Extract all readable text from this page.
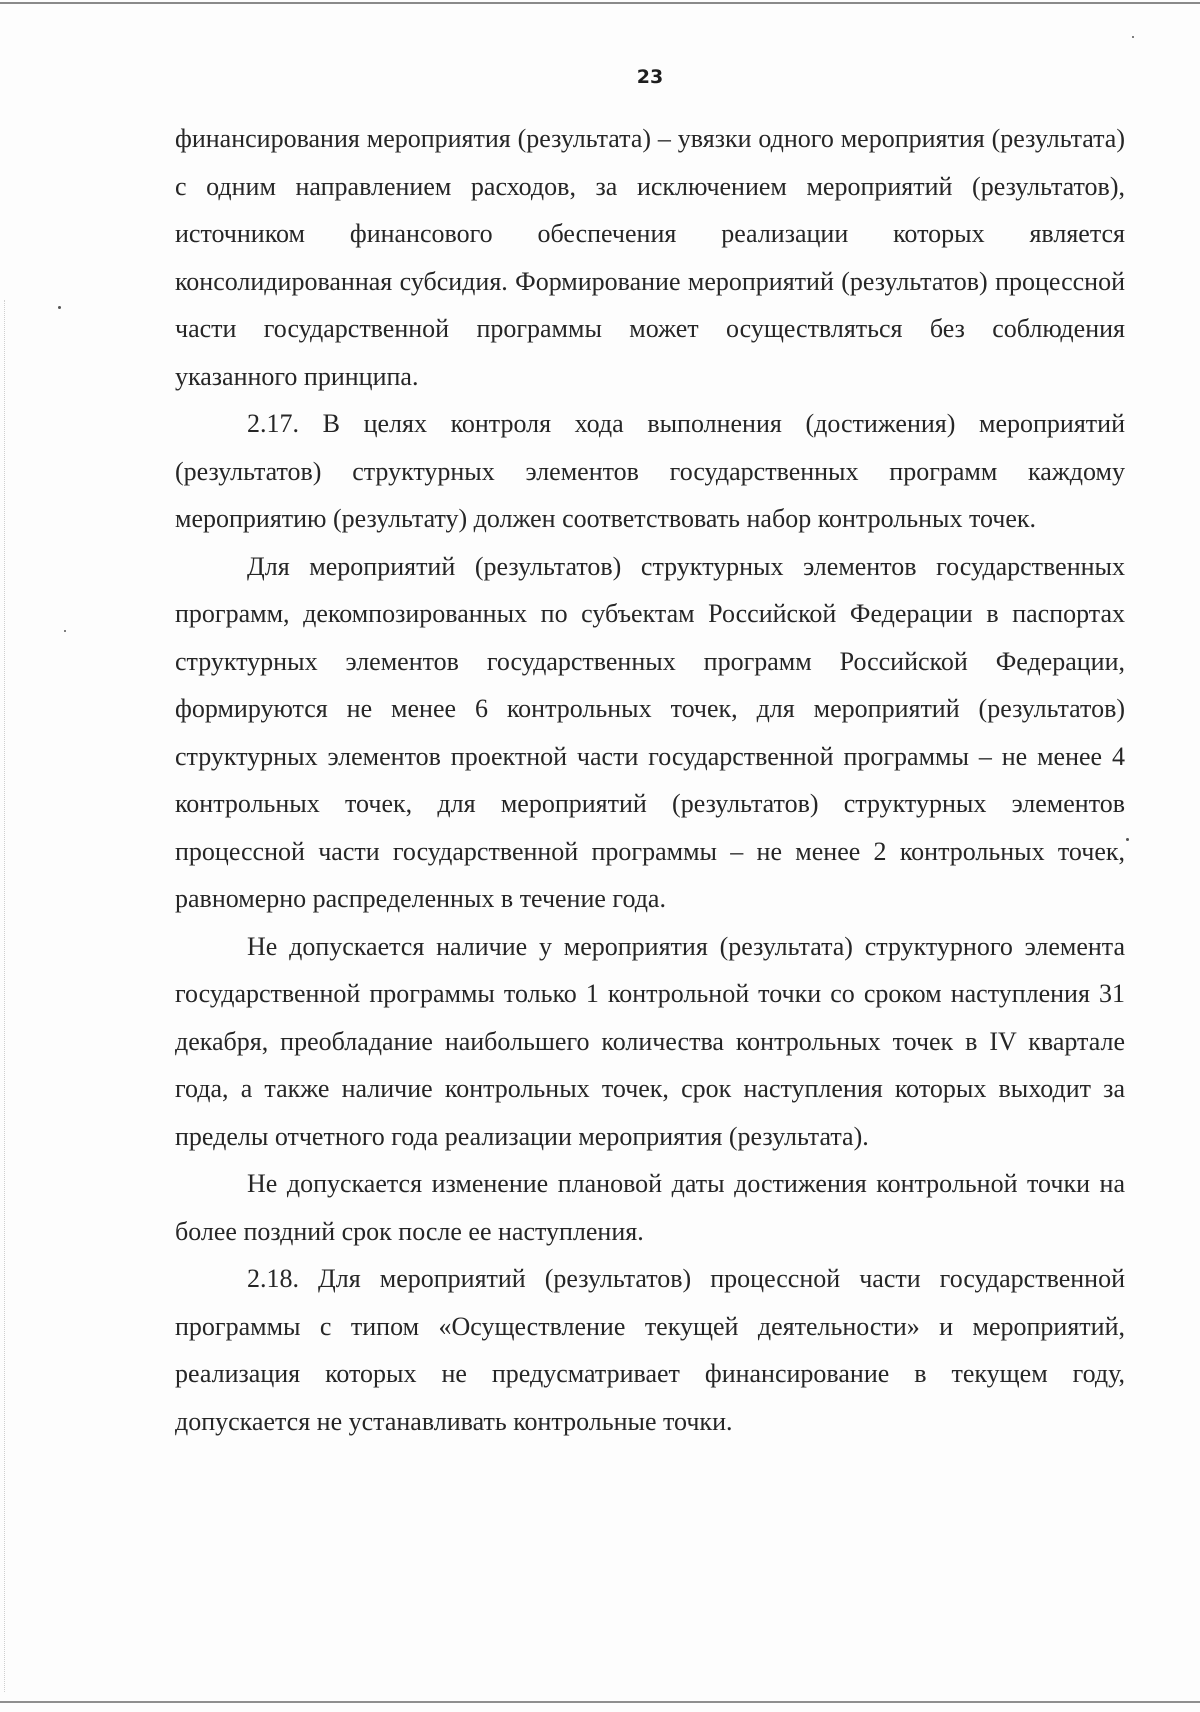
23

финансирования мероприятия (результата) – увязки одного мероприятия (результата) с одним направлением расходов, за исключением мероприятий (результатов), источником финансового обеспечения реализации которых является консолидированная субсидия. Формирование мероприятий (результатов) процессной части государственной программы может осуществляться без соблюдения указанного принципа.

2.17. В целях контроля хода выполнения (достижения) мероприятий (результатов) структурных элементов государственных программ каждому мероприятию (результату) должен соответствовать набор контрольных точек.

Для мероприятий (результатов) структурных элементов государственных программ, декомпозированных по субъектам Российской Федерации в паспортах структурных элементов государственных программ Российской Федерации, формируются не менее 6 контрольных точек, для мероприятий (результатов) структурных элементов проектной части государственной программы – не менее 4 контрольных точек, для мероприятий (результатов) структурных элементов процессной части государственной программы – не менее 2 контрольных точек, равномерно распределенных в течение года.

Не допускается наличие у мероприятия (результата) структурного элемента государственной программы только 1 контрольной точки со сроком наступления 31 декабря, преобладание наибольшего количества контрольных точек в IV квартале года, а также наличие контрольных точек, срок наступления которых выходит за пределы отчетного года реализации мероприятия (результата).

Не допускается изменение плановой даты достижения контрольной точки на более поздний срок после ее наступления.

2.18. Для мероприятий (результатов) процессной части государственной программы с типом «Осуществление текущей деятельности» и мероприятий, реализация которых не предусматривает финансирование в текущем году, допускается не устанавливать контрольные точки.
